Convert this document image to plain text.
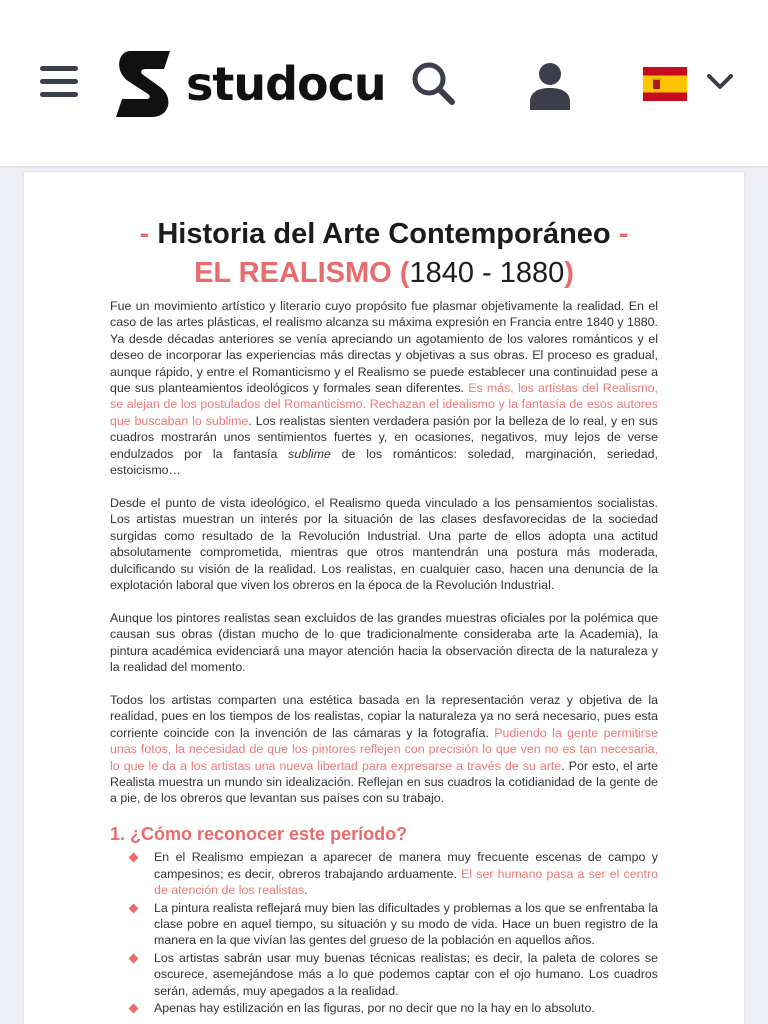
studocu
- Historia del Arte Contemporáneo -
EL REALISMO (1840 - 1880)

Fue un movimiento artístico y literario cuyo propósito fue plasmar objetivamente la realidad. En el caso de las artes plásticas, el realismo alcanza su máxima expresión en Francia entre 1840 y 1880. Ya desde décadas anteriores se venía apreciando un agotamiento de los valores románticos y el deseo de incorporar las experiencias más directas y objetivas a sus obras. El proceso es gradual, aunque rápido, y entre el Romanticismo y el Realismo se puede establecer una continuidad pese a que sus planteamientos ideológicos y formales sean diferentes. Es más, los artistas del Realismo, se alejan de los postulados del Romanticismo. Rechazan el idealismo y la fantasía de esos autores que buscaban lo sublime. Los realistas sienten verdadera pasión por la belleza de lo real, y en sus cuadros mostrarán unos sentimientos fuertes y, en ocasiones, negativos, muy lejos de verse endulzados por la fantasía sublime de los románticos: soledad, marginación, seriedad, estoicismo…

Desde el punto de vista ideológico, el Realismo queda vinculado a los pensamientos socialistas. Los artistas muestran un interés por la situación de las clases desfavorecidas de la sociedad surgidas como resultado de la Revolución Industrial. Una parte de ellos adopta una actitud absolutamente comprometida, mientras que otros mantendrán una postura más moderada, dulcificando su visión de la realidad. Los realistas, en cualquier caso, hacen una denuncia de la explotación laboral que viven los obreros en la época de la Revolución Industrial.

Aunque los pintores realistas sean excluidos de las grandes muestras oficiales por la polémica que causan sus obras (distan mucho de lo que tradicionalmente consideraba arte la Academia), la pintura académica evidenciará una mayor atención hacia la observación directa de la naturaleza y la realidad del momento.

Todos los artistas comparten una estética basada en la representación veraz y objetiva de la realidad, pues en los tiempos de los realistas, copiar la naturaleza ya no será necesario, pues esta corriente coincide con la invención de las cámaras y la fotografía. Pudiendo la gente permitirse unas fotos, la necesidad de que los pintores reflejen con precisión lo que ven no es tan necesaria, lo que le da a los artistas una nueva libertad para expresarse a través de su arte. Por esto, el arte Realista muestra un mundo sin idealización. Reflejan en sus cuadros la cotidianidad de la gente de a pie, de los obreros que levantan sus países con su trabajo.

1. ¿Cómo reconocer este período?
En el Realismo empiezan a aparecer de manera muy frecuente escenas de campo y campesinos; es decir, obreros trabajando arduamente. El ser humano pasa a ser el centro de atención de los realistas.
La pintura realista reflejará muy bien las dificultades y problemas a los que se enfrentaba la clase pobre en aquel tiempo, su situación y su modo de vida. Hace un buen registro de la manera en la que vivían las gentes del grueso de la población en aquellos años.
Los artistas sabrán usar muy buenas técnicas realistas; es decir, la paleta de colores se oscurece, asemejándose más a lo que podemos captar con el ojo humano. Los cuadros serán, además, muy apegados a la realidad.
Apenas hay estilización en las figuras, por no decir que no la hay en lo absoluto.
